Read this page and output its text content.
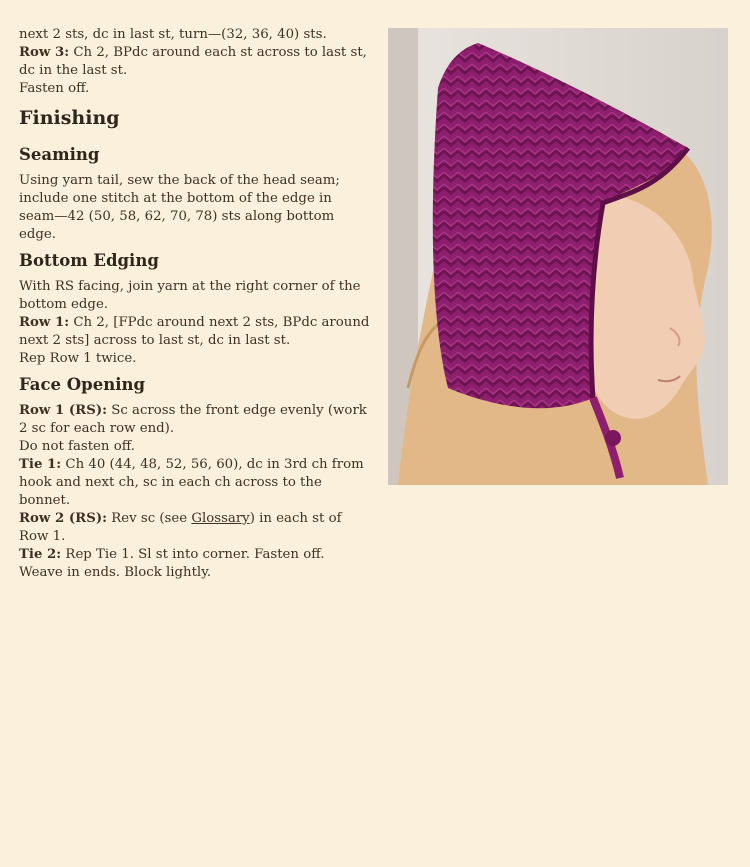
next 2 sts, dc in last st, turn—(32, 36, 40) sts.
Row 3: Ch 2, BPdc around each st across to last st, dc in the last st.
Fasten off.

Finishing
Seaming

Using yarn tail, sew the back of the head seam; include one stitch at the bottom of the edge in seam—42 (50, 58, 62, 70, 78) sts along bottom edge.

Bottom Edging

With RS facing, join yarn at the right corner of the bottom edge.
Row 1: Ch 2, [FPdc around next 2 sts, BPdc around next 2 sts] across to last st, dc in last st.
Rep Row 1 twice.

Face Opening

Row 1 (RS): Sc across the front edge evenly (work 2 sc for each row end).
Do not fasten off.
Tie 1: Ch 40 (44, 48, 52, 56, 60), dc in 3rd ch from hook and next ch, sc in each ch across to the bonnet.
Row 2 (RS): Rev sc (see Glossary) in each st of Row 1.
Tie 2: Rep Tie 1. Sl st into corner. Fasten off. Weave in ends. Block lightly.
